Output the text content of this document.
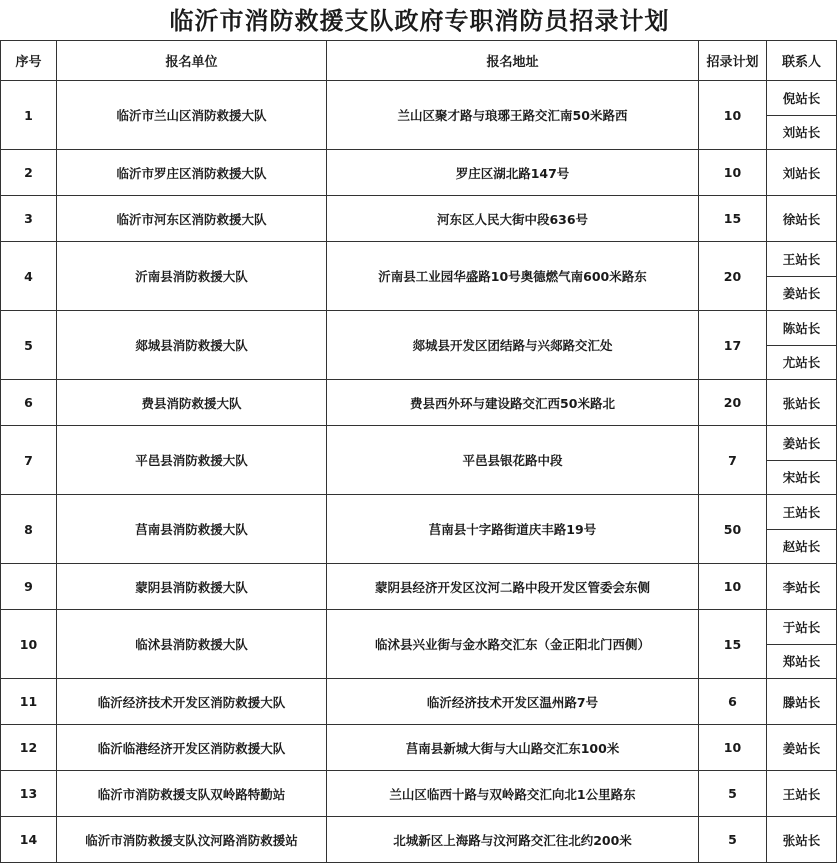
临沂市消防救援支队政府专职消防员招录计划
序号	报名单位	报名地址	招录计划	联系人
1	临沂市兰山区消防救援大队	兰山区聚才路与琅琊王路交汇南50米路西	10	倪站长
				刘站长
2	临沂市罗庄区消防救援大队	罗庄区湖北路147号	10	刘站长
3	临沂市河东区消防救援大队	河东区人民大街中段636号	15	徐站长
4	沂南县消防救援大队	沂南县工业园华盛路10号奥德燃气南600米路东	20	王站长
				姜站长
5	郯城县消防救援大队	郯城县开发区团结路与兴郯路交汇处	17	陈站长
				尤站长
6	费县消防救援大队	费县西外环与建设路交汇西50米路北	20	张站长
7	平邑县消防救援大队	平邑县银花路中段	7	姜站长
				宋站长
8	莒南县消防救援大队	莒南县十字路街道庆丰路19号	50	王站长
				赵站长
9	蒙阴县消防救援大队	蒙阴县经济开发区汶河二路中段开发区管委会东侧	10	李站长
10	临沭县消防救援大队	临沭县兴业街与金水路交汇东（金正阳北门西侧）	15	于站长
				郑站长
11	临沂经济技术开发区消防救援大队	临沂经济技术开发区温州路7号	6	滕站长
12	临沂临港经济开发区消防救援大队	莒南县新城大街与大山路交汇东100米	10	姜站长
13	临沂市消防救援支队双岭路特勤站	兰山区临西十路与双岭路交汇向北1公里路东	5	王站长
14	临沂市消防救援支队汶河路消防救援站	北城新区上海路与汶河路交汇往北约200米	5	张站长
